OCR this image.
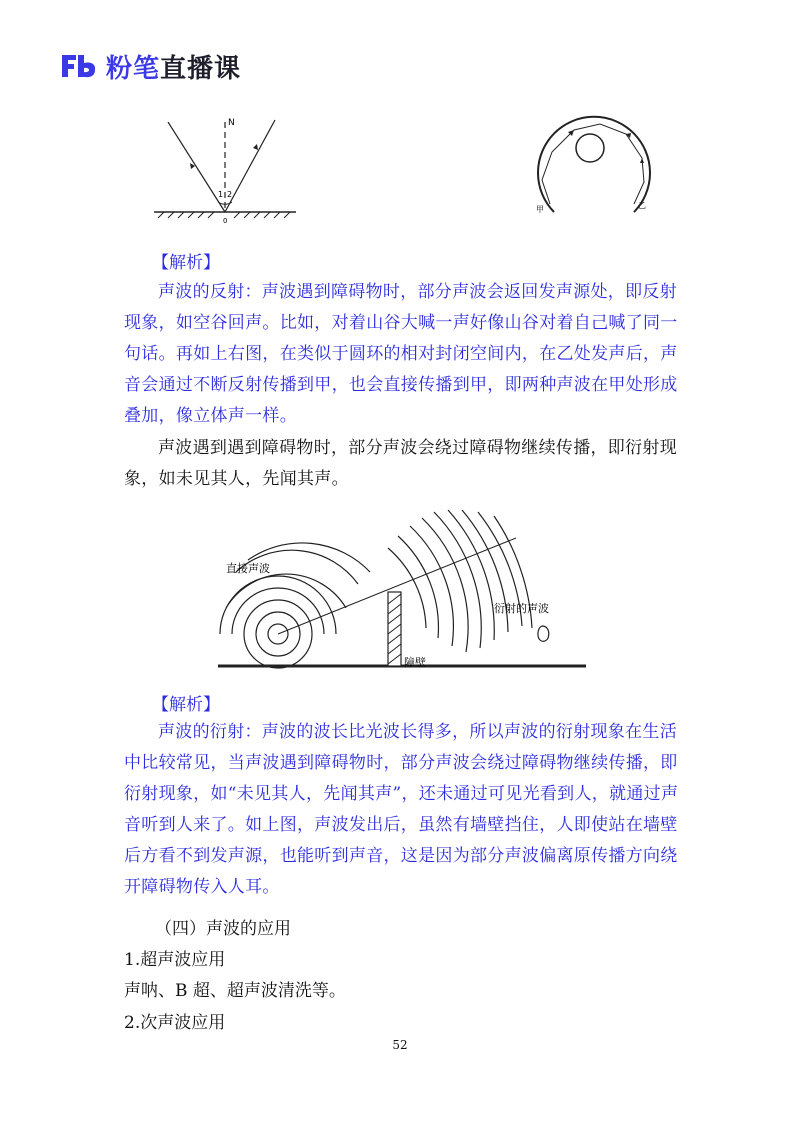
粉笔直播课
N
1 2
0
甲	乙
【解析】
声波的反射：声波遇到障碍物时，部分声波会返回发声源处，即反射现象，如空谷回声。比如，对着山谷大喊一声好像山谷对着自己喊了同一句话。再如上右图，在类似于圆环的相对封闭空间内，在乙处发声后，声音会通过不断反射传播到甲，也会直接传播到甲，即两种声波在甲处形成叠加，像立体声一样。
声波遇到遇到障碍物时，部分声波会绕过障碍物继续传播，即衍射现象，如未见其人，先闻其声。
直接声波
衍射的声波
障壁
【解析】
声波的衍射：声波的波长比光波长得多，所以声波的衍射现象在生活中比较常见，当声波遇到障碍物时，部分声波会绕过障碍物继续传播，即衍射现象，如“未见其人，先闻其声”，还未通过可见光看到人，就通过声音听到人来了。如上图，声波发出后，虽然有墙壁挡住，人即使站在墙壁后方看不到发声源，也能听到声音，这是因为部分声波偏离原传播方向绕开障碍物传入人耳。
（四）声波的应用
1.超声波应用
声呐、B 超、超声波清洗等。
2.次声波应用
52
